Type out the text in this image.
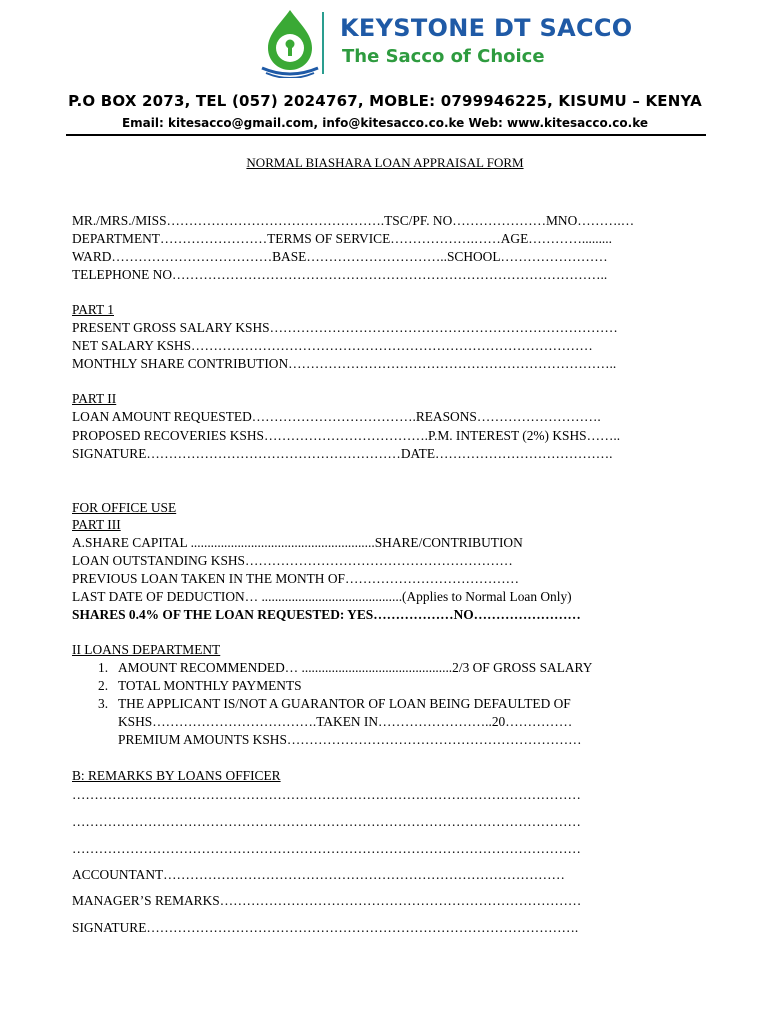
KEYSTONE DT SACCO
The Sacco of Choice
P.O BOX 2073, TEL (057) 2024767, MOBLE: 0799946225, KISUMU – KENYA
Email: kitesacco@gmail.com, info@kitesacco.co.ke Web: www.kitesacco.co.ke
NORMAL BIASHARA LOAN APPRAISAL FORM
MR./MRS./MISS………………………………………….TSC/PF. NO…………………MNO……….…
DEPARTMENT……………………TERMS OF SERVICE……………….……AGE………….........
WARD………………………………BASE…………………………..SCHOOL……………………
TELEPHONE NO……………………………………………………………………………………..
PART 1
PRESENT GROSS SALARY KSHS……………………………………………………………………
NET SALARY KSHS………………………………………………………………………………
MONTHLY SHARE CONTRIBUTION………………………………………………………………..
PART II
LOAN AMOUNT REQUESTED……………………………….REASONS……………………….
PROPOSED RECOVERIES KSHS……………………………….P.M. INTEREST (2%) KSHS……..
SIGNATURE…………………………………………………DATE………………………………….
FOR OFFICE USE
PART III
A.SHARE CAPITAL .......................................................SHARE/CONTRIBUTION
LOAN OUTSTANDING KSHS……………………………………………………
PREVIOUS LOAN TAKEN IN THE MONTH OF…………………………………
LAST DATE OF DEDUCTION… ..........................................(Applies to Normal Loan Only)
SHARES 0.4% OF THE LOAN REQUESTED: YES………………NO……………………
II LOANS DEPARTMENT
1. AMOUNT RECOMMENDED… .............................................2/3 OF GROSS SALARY
2. TOTAL MONTHLY PAYMENTS
3. THE APPLICANT IS/NOT A GUARANTOR OF LOAN BEING DEFAULTED OF
KSHS……………………………….TAKEN IN……………………..20……………
PREMIUM AMOUNTS KSHS…………………………………………………………
B: REMARKS BY LOANS OFFICER
……………………………………………………………………………………………………
……………………………………………………………………………………………………
……………………………………………………………………………………………………
ACCOUNTANT………………………………………………………………………………
MANAGER’S REMARKS………………………………………………………………………
SIGNATURE…………………………………………………………………………………….
